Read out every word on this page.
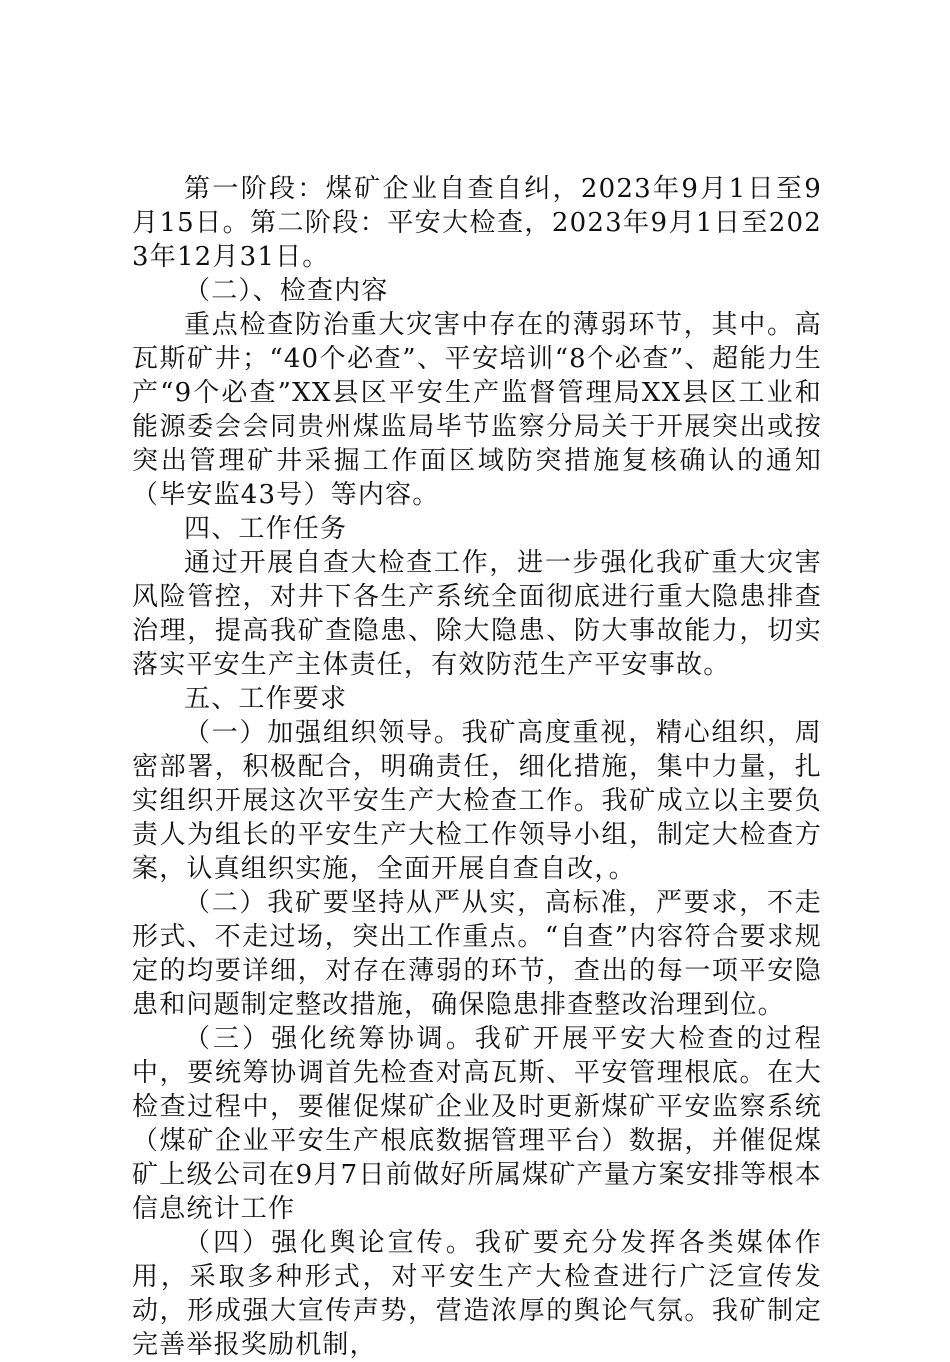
第一阶段：煤矿企业自查自纠，2023年9月1日至9月15日。第二阶段：平安大检查，2023年9月1日至2023年12月31日。

（二）、检查内容

重点检查防治重大灾害中存在的薄弱环节，其中。高瓦斯矿井；“40个必查”、平安培训“8个必查”、超能力生产“9个必查”XX县区平安生产监督管理局XX县区工业和能源委会会同贵州煤监局毕节监察分局关于开展突出或按突出管理矿井采掘工作面区域防突措施复核确认的通知（毕安监43号）等内容。

四、工作任务

通过开展自查大检查工作，进一步强化我矿重大灾害风险管控，对井下各生产系统全面彻底进行重大隐患排查治理，提高我矿查隐患、除大隐患、防大事故能力，切实落实平安生产主体责任，有效防范生产平安事故。

五、工作要求

（一）加强组织领导。我矿高度重视，精心组织，周密部署，积极配合，明确责任，细化措施，集中力量，扎实组织开展这次平安生产大检查工作。我矿成立以主要负责人为组长的平安生产大检工作领导小组，制定大检查方案，认真组织实施，全面开展自查自改，。

（二）我矿要坚持从严从实，高标准，严要求，不走形式、不走过场，突出工作重点。“自查”内容符合要求规定的均要详细，对存在薄弱的环节，查出的每一项平安隐患和问题制定整改措施，确保隐患排查整改治理到位。

（三）强化统筹协调。我矿开展平安大检查的过程中，要统筹协调首先检查对高瓦斯、平安管理根底。在大检查过程中，要催促煤矿企业及时更新煤矿平安监察系统（煤矿企业平安生产根底数据管理平台）数据，并催促煤矿上级公司在9月7日前做好所属煤矿产量方案安排等根本信息统计工作

（四）强化舆论宣传。我矿要充分发挥各类媒体作用，采取多种形式，对平安生产大检查进行广泛宣传发动，形成强大宣传声势，营造浓厚的舆论气氛。我矿制定完善举报奖励机制，
